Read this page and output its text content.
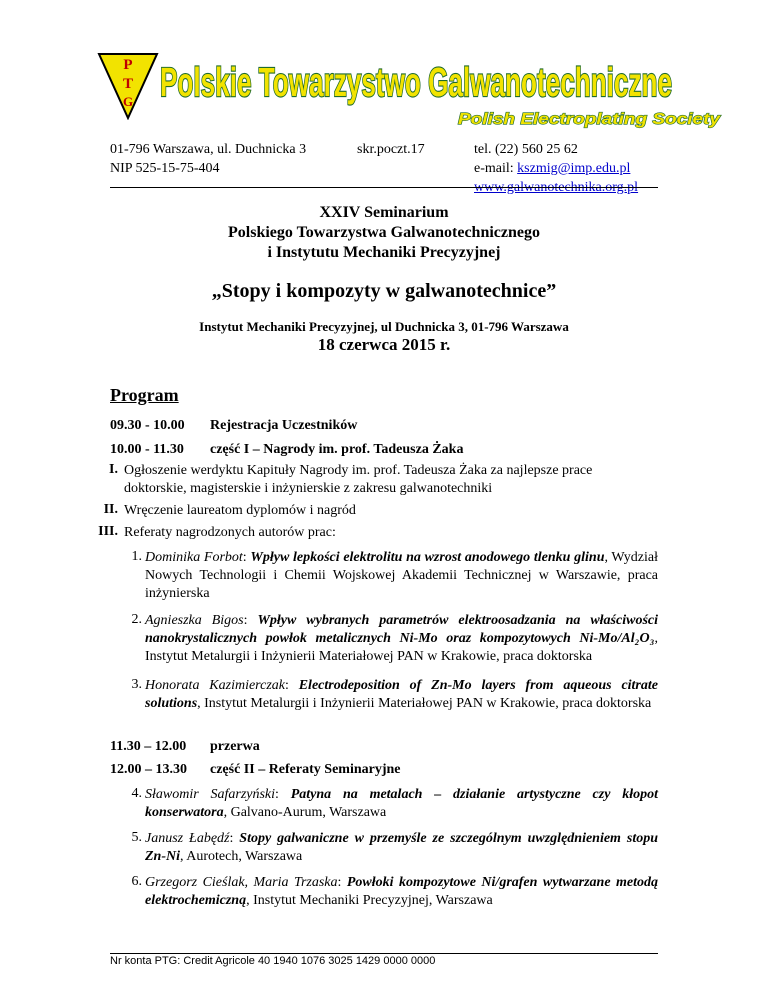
P
T
G Polskie Towarzystwo Galwanotechniczne
Polish Electroplating Society
01-796 Warszawa, ul. Duchnicka 3
NIP 525-15-75-404
skr.poczt.17	tel. (22) 560 25 62
e-mail: kszmig@imp.edu.pl
www.galwanotechnika.org.pl
XXIV Seminarium
Polskiego Towarzystwa Galwanotechnicznego
i Instytutu Mechaniki Precyzyjnej
„Stopy i kompozyty w galwanotechnice”
Instytut Mechaniki Precyzyjnej, ul Duchnicka 3, 01-796 Warszawa
18 czerwca 2015 r.
Program
09.30 - 10.00 Rejestracja Uczestników
10.00 - 11.30 część I – Nagrody im. prof. Tadeusza Żaka
I. Ogłoszenie werdyktu Kapituły Nagrody im. prof. Tadeusza Żaka za najlepsze prace
doktorskie, magisterskie i inżynierskie z zakresu galwanotechniki
II. Wręczenie laureatom dyplomów i nagród
III. Referaty nagrodzonych autorów prac:
1. Dominika Forbot: Wpływ lepkości elektrolitu na wzrost anodowego tlenku glinu, Wydział Nowych Technologii i Chemii Wojskowej Akademii Technicznej w Warszawie, praca inżynierska
2. Agnieszka Bigos: Wpływ wybranych parametrów elektroosadzania na właściwości nanokrystalicznych powłok metalicznych Ni-Mo oraz kompozytowych Ni-Mo/Al₂O₃, Instytut Metalurgii i Inżynierii Materiałowej PAN w Krakowie, praca doktorska
3. Honorata Kazimierczak: Electrodeposition of Zn-Mo layers from aqueous citrate solutions, Instytut Metalurgii i Inżynierii Materiałowej PAN w Krakowie, praca doktorska
11.30 – 12.00 przerwa
12.00 – 13.30 część II – Referaty Seminaryjne
4. Sławomir Safarzyński: Patyna na metalach – działanie artystyczne czy kłopot konserwatora, Galvano-Aurum, Warszawa
5. Janusz Łabędź: Stopy galwaniczne w przemyśle ze szczególnym uwzględnieniem stopu Zn-Ni, Aurotech, Warszawa
6. Grzegorz Cieślak, Maria Trzaska: Powłoki kompozytowe Ni/grafen wytwarzane metodą elektrochemiczną, Instytut Mechaniki Precyzyjnej, Warszawa
Nr konta PTG: Credit Agricole 40 1940 1076 3025 1429 0000 0000
